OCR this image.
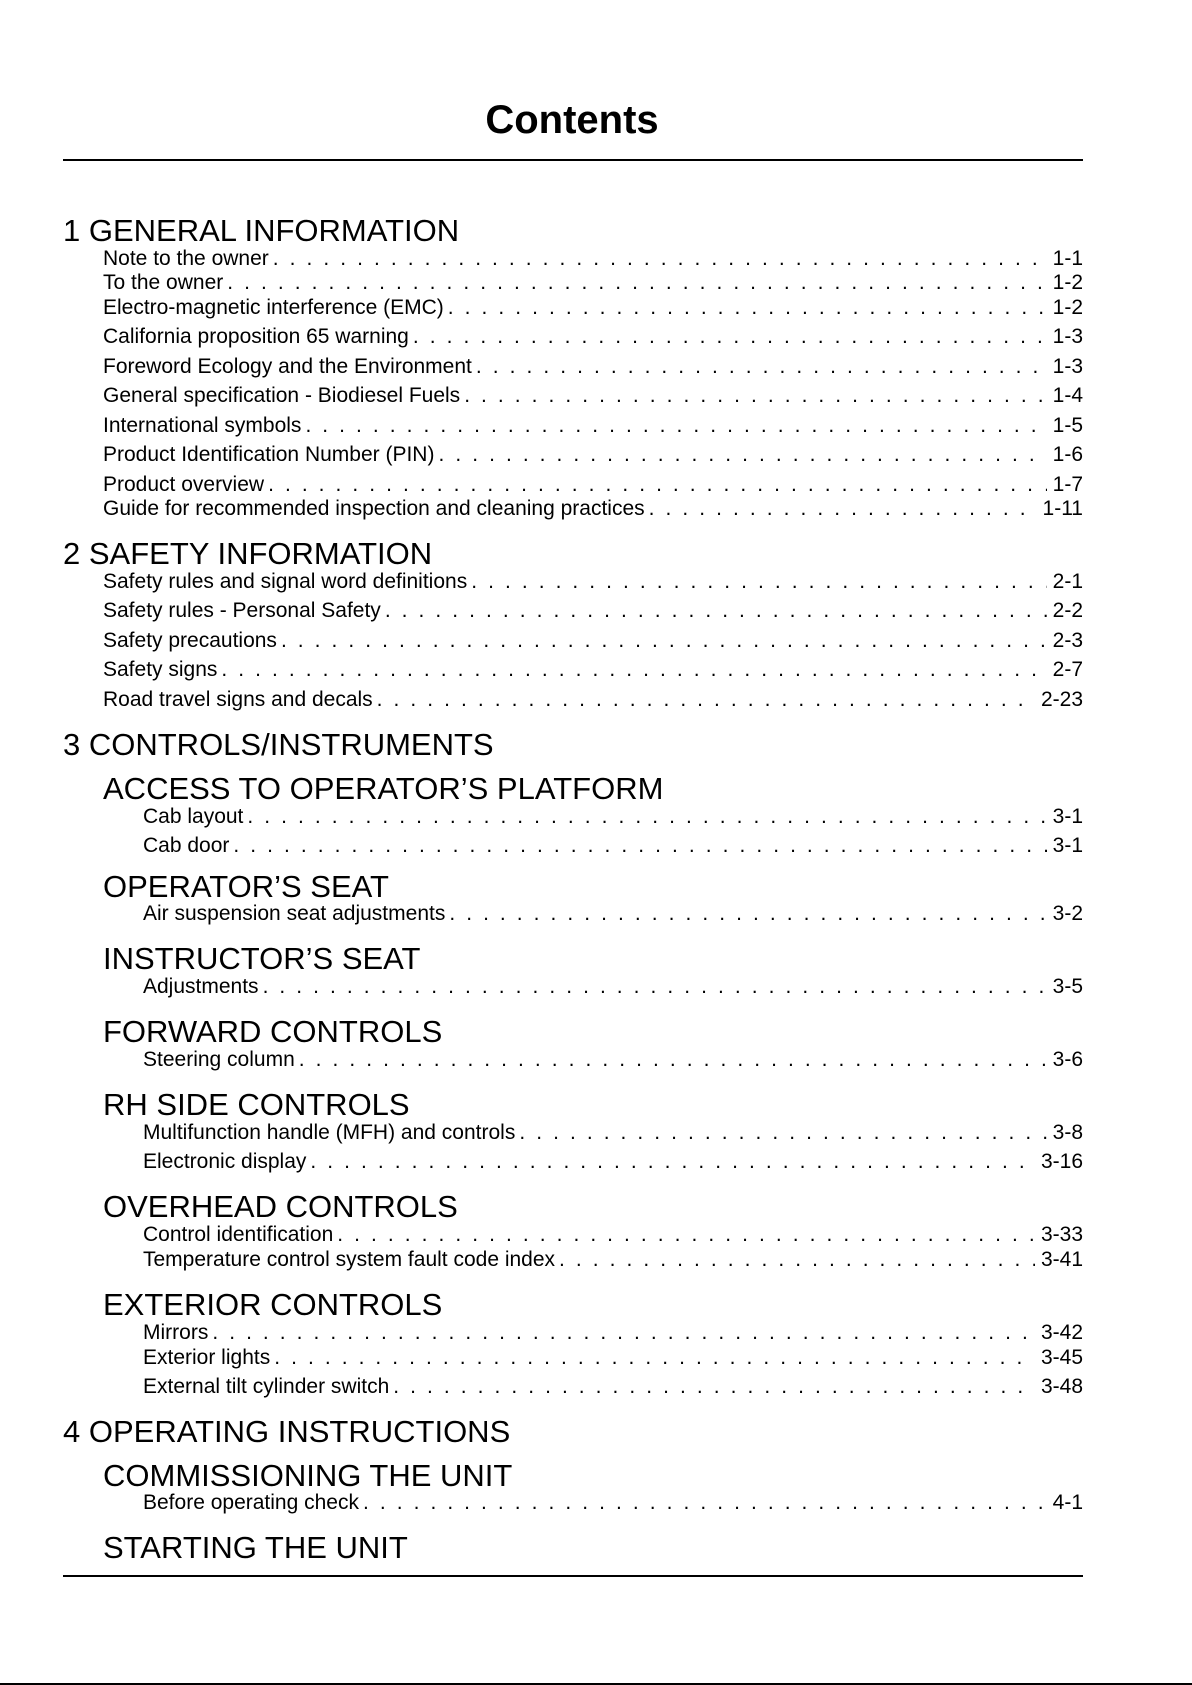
Contents
1 GENERAL INFORMATION
Note to the owner . . .	1-1
To the owner . . .	1-2
Electro-magnetic interference (EMC) . . .	1-2
California proposition 65 warning . . .	1-3
Foreword Ecology and the Environment . . .	1-3
General specification - Biodiesel Fuels . . .	1-4
International symbols . . .	1-5
Product Identification Number (PIN) . . .	1-6
Product overview . . .	1-7
Guide for recommended inspection and cleaning practices . . .	1-11
2 SAFETY INFORMATION
Safety rules and signal word definitions . . .	2-1
Safety rules - Personal Safety . . .	2-2
Safety precautions . . .	2-3
Safety signs . . .	2-7
Road travel signs and decals . . .	2-23
3 CONTROLS/INSTRUMENTS
ACCESS TO OPERATOR’S PLATFORM
Cab layout . . .	3-1
Cab door . . .	3-1
OPERATOR’S SEAT
Air suspension seat adjustments . . .	3-2
INSTRUCTOR’S SEAT
Adjustments . . .	3-5
FORWARD CONTROLS
Steering column . . .	3-6
RH SIDE CONTROLS
Multifunction handle (MFH) and controls . . .	3-8
Electronic display . . .	3-16
OVERHEAD CONTROLS
Control identification . . .	3-33
Temperature control system fault code index . . .	3-41
EXTERIOR CONTROLS
Mirrors . . .	3-42
Exterior lights . . .	3-45
External tilt cylinder switch . . .	3-48
4 OPERATING INSTRUCTIONS
COMMISSIONING THE UNIT
Before operating check . . .	4-1
STARTING THE UNIT
